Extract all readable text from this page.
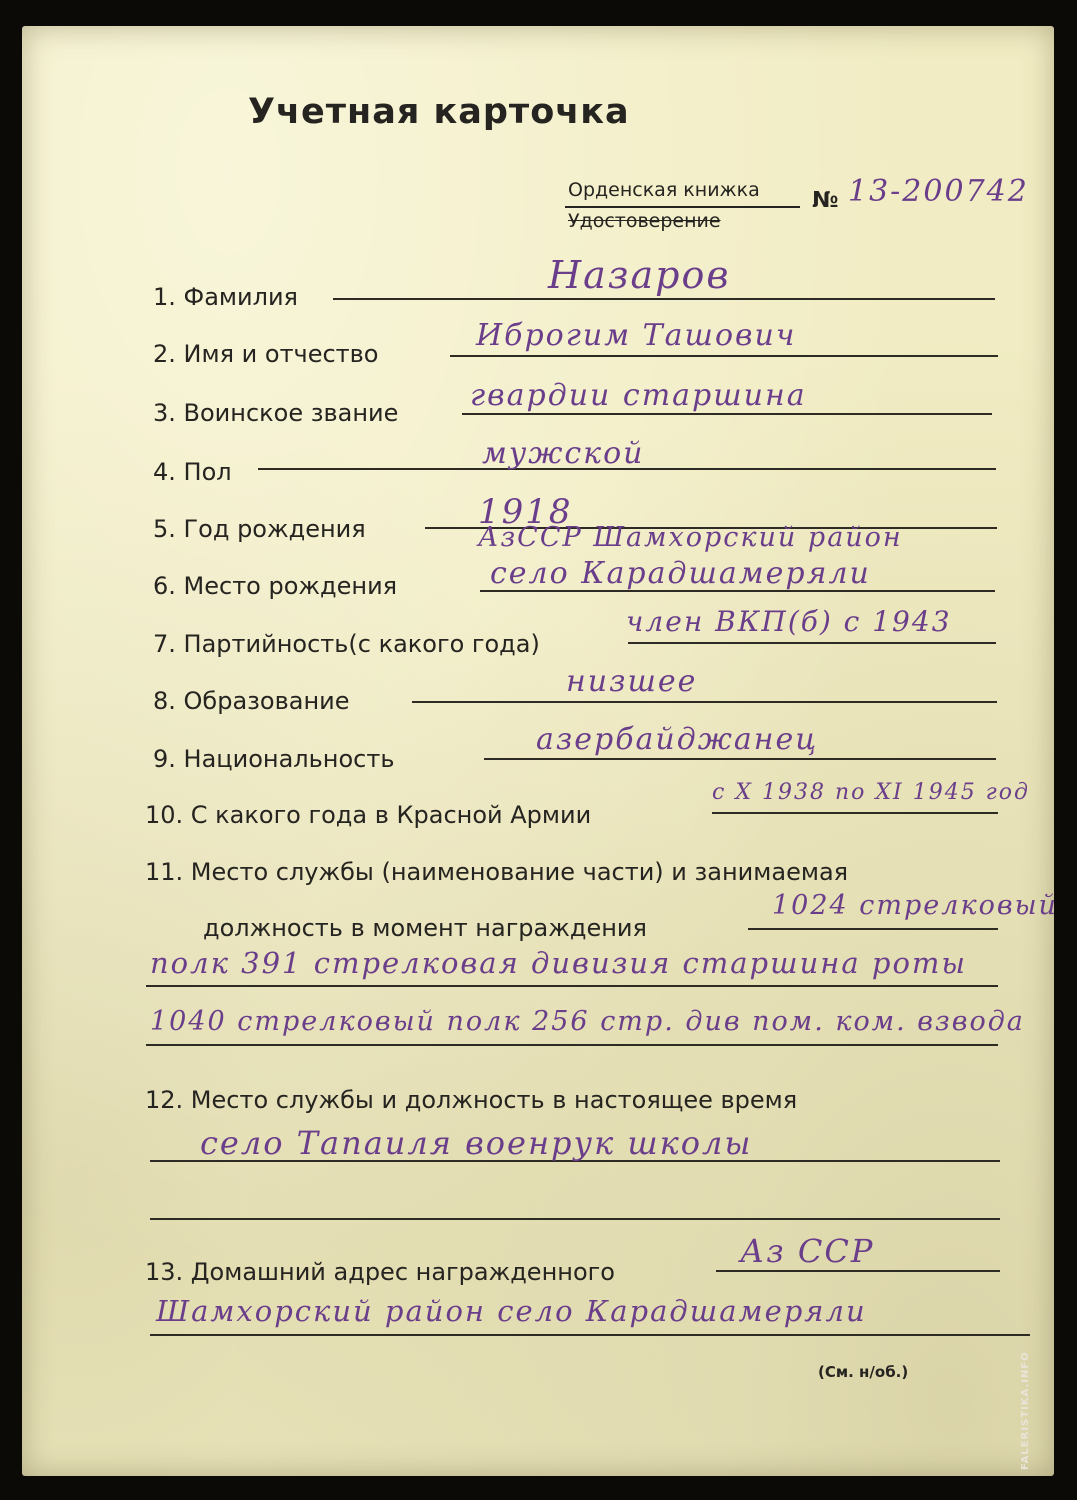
Учетная карточка
Орденская книжка
Удостоверение
№ 13-200742
1. Фамилия	Назаров
2. Имя и отчество
Иброгим Ташович
3. Воинское звание гвардии старшина
4. Пол
мужской
5. Год рождения	1918
6. Место рождения
АзССР Шамхорский район
село Карадшамеряли
7. Партийность(с какого года)
член ВКП(б) с 1943
8. Образование
низшее
9. Национальность
азербайджанец
10. С какого года в Красной Армии
с X 1938 по XI 1945 год
11. Место службы (наименование части) и занимаемая
должность в момент награждения
1024 стрелковый
полк 391 стрелковая дивизия старшина роты
1040 стрелковый полк 256 стр. див пом. ком. взвода
12. Место службы и должность в настоящее время
село Тапаиля военрук школы
13. Домашний адрес награжденного
Аз ССР
Шамхорский район село Карадшамеряли
(См. н/об.)	FALERISTIKA.INFO
